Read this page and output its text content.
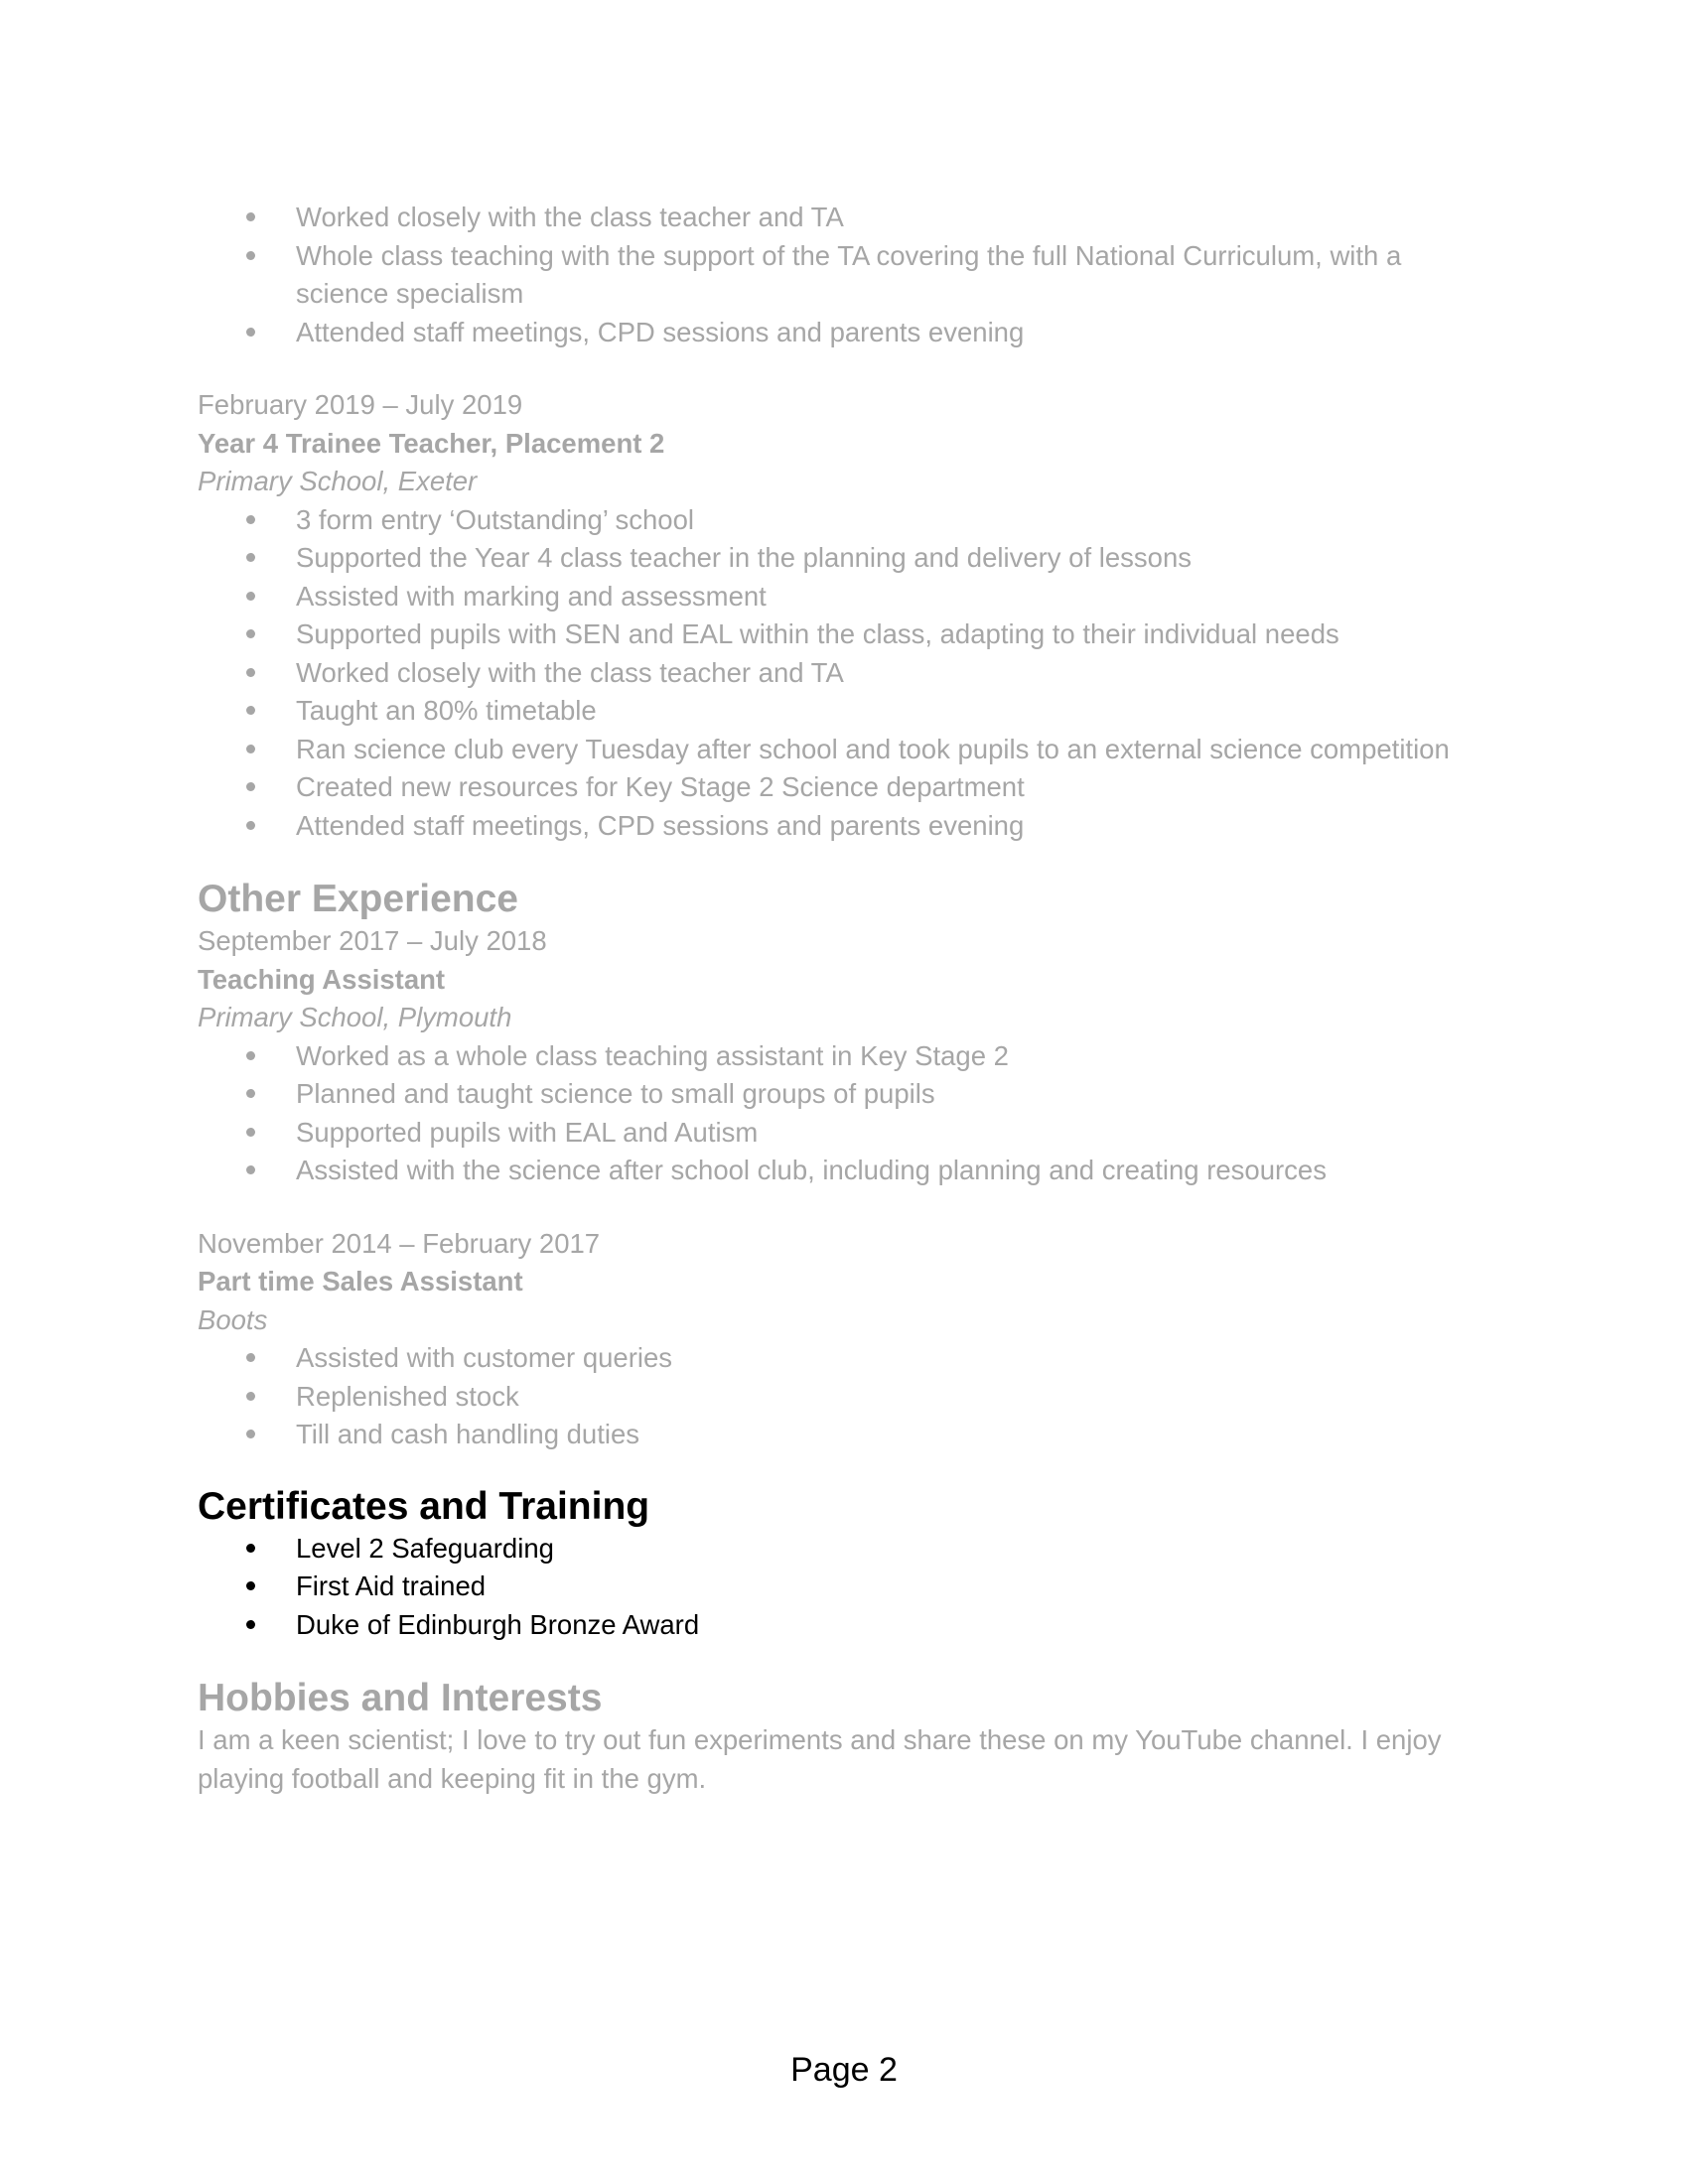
Worked closely with the class teacher and TA
Whole class teaching with the support of the TA covering the full National Curriculum, with a science specialism
Attended staff meetings, CPD sessions and parents evening

February 2019 – July 2019

Year 4 Trainee Teacher, Placement 2

Primary School, Exeter

3 form entry ‘Outstanding’ school
Supported the Year 4 class teacher in the planning and delivery of lessons
Assisted with marking and assessment
Supported pupils with SEN and EAL within the class, adapting to their individual needs
Worked closely with the class teacher and TA
Taught an 80% timetable
Ran science club every Tuesday after school and took pupils to an external science competition
Created new resources for Key Stage 2 Science department
Attended staff meetings, CPD sessions and parents evening
Other Experience

September 2017 – July 2018

Teaching Assistant

Primary School, Plymouth

Worked as a whole class teaching assistant in Key Stage 2
Planned and taught science to small groups of pupils
Supported pupils with EAL and Autism
Assisted with the science after school club, including planning and creating resources

November 2014 – February 2017

Part time Sales Assistant

Boots

Assisted with customer queries
Replenished stock
Till and cash handling duties
Certificates and Training
Level 2 Safeguarding
First Aid trained
Duke of Edinburgh Bronze Award
Hobbies and Interests

I am a keen scientist; I love to try out fun experiments and share these on my YouTube channel. I enjoy playing football and keeping fit in the gym.

Page 2
